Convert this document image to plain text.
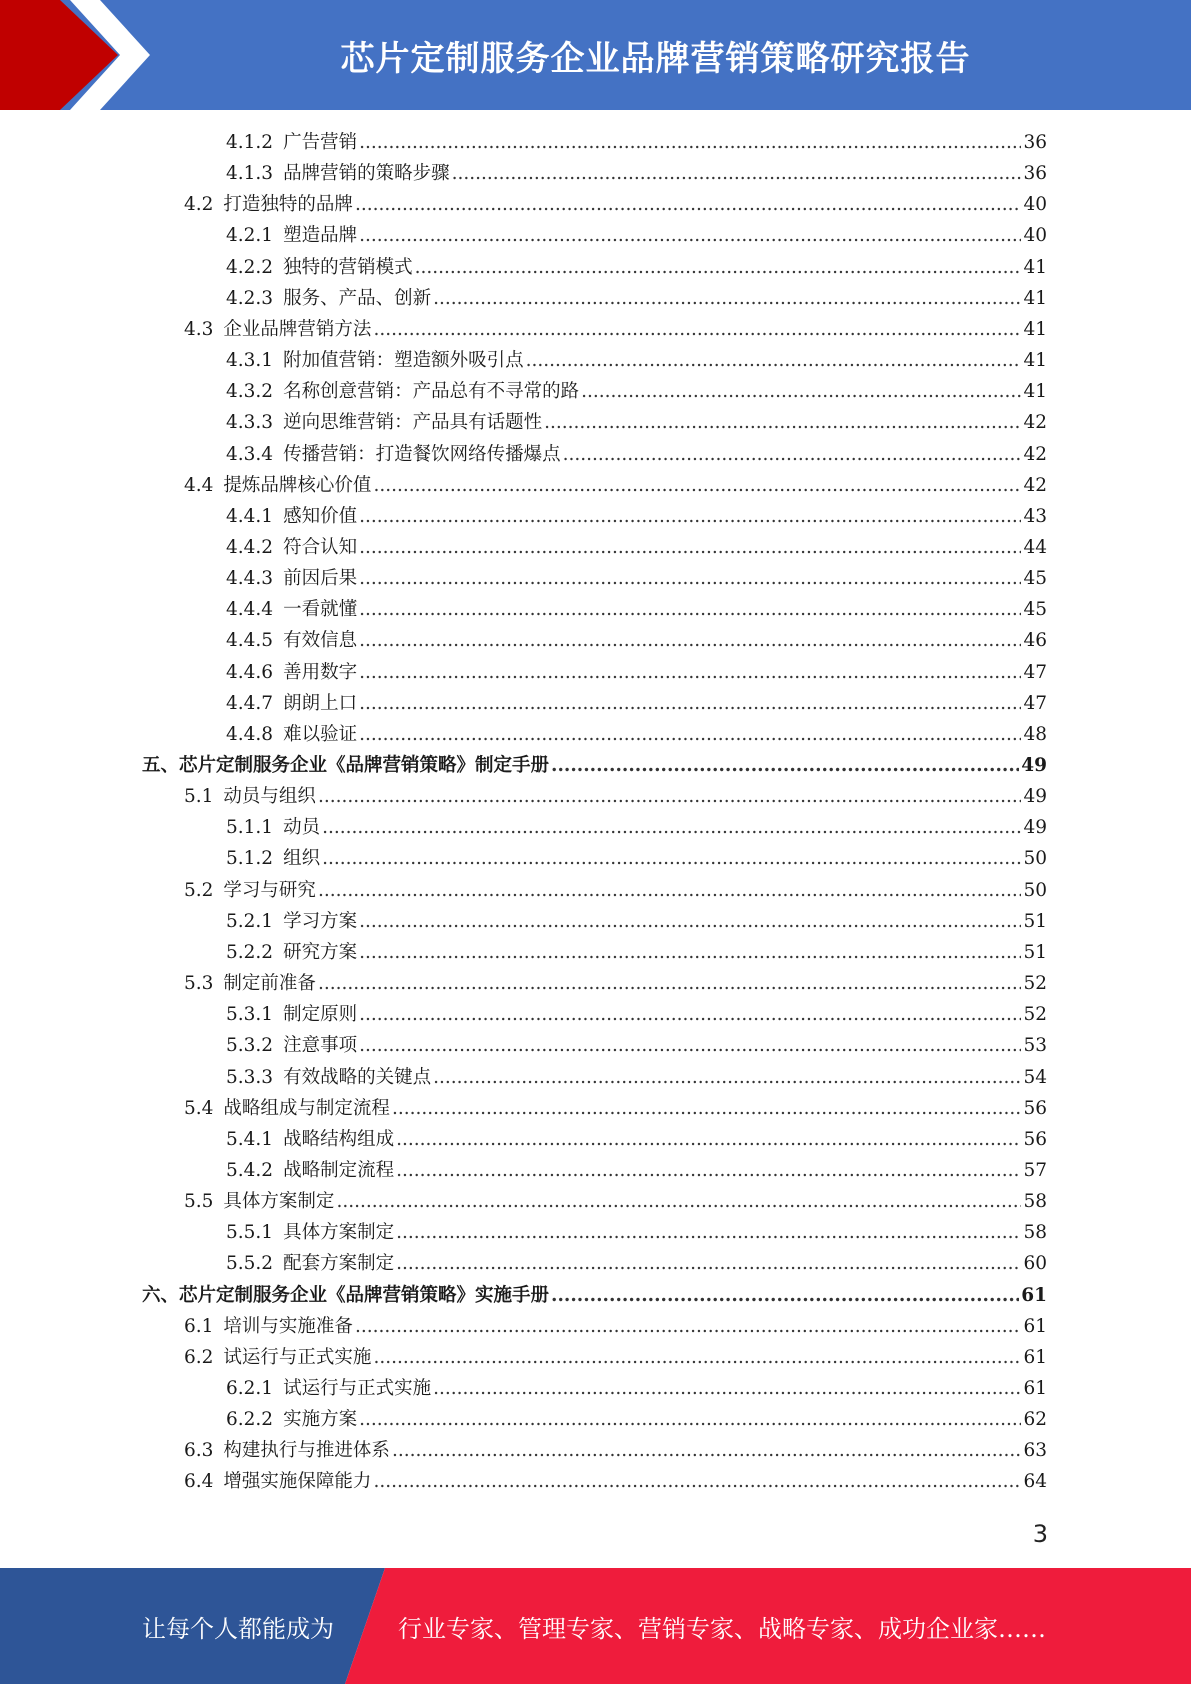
芯片定制服务企业品牌营销策略研究报告
4.1.2 广告营销 .....	36
4.1.3 品牌营销的策略步骤 .....	36
4.2 打造独特的品牌 .....	40
4.2.1 塑造品牌 .....	40
4.2.2 独特的营销模式 .....	41
4.2.3 服务、产品、创新 .....	41
4.3 企业品牌营销方法 .....	41
4.3.1 附加值营销：塑造额外吸引点 .....	41
4.3.2 名称创意营销：产品总有不寻常的路 .....	41
4.3.3 逆向思维营销：产品具有话题性 .....	42
4.3.4 传播营销：打造餐饮网络传播爆点 .....	42
4.4 提炼品牌核心价值 .....	42
4.4.1 感知价值 .....	43
4.4.2 符合认知 .....	44
4.4.3 前因后果 .....	45
4.4.4 一看就懂 .....	45
4.4.5 有效信息 .....	46
4.4.6 善用数字 .....	47
4.4.7 朗朗上口 .....	47
4.4.8 难以验证 .....	48
五、 芯片定制服务企业《品牌营销策略》制定手册 .....	49
5.1 动员与组织 .....	49
5.1.1 动员 .....	49
5.1.2 组织 .....	50
5.2 学习与研究 .....	50
5.2.1 学习方案 .....	51
5.2.2 研究方案 .....	51
5.3 制定前准备 .....	52
5.3.1 制定原则 .....	52
5.3.2 注意事项 .....	53
5.3.3 有效战略的关键点 .....	54
5.4 战略组成与制定流程 .....	56
5.4.1 战略结构组成 .....	56
5.4.2 战略制定流程 .....	57
5.5 具体方案制定 .....	58
5.5.1 具体方案制定 .....	58
5.5.2 配套方案制定 .....	60
六、 芯片定制服务企业《品牌营销策略》实施手册 .....	61
6.1 培训与实施准备 .....	61
6.2 试运行与正式实施 .....	61
6.2.1 试运行与正式实施 .....	61
6.2.2 实施方案 .....	62
6.3 构建执行与推进体系 .....	63
6.4 增强实施保障能力 .....	64
3
让每个人都能成为	行业专家、管理专家、营销专家、战略专家、成功企业家……
